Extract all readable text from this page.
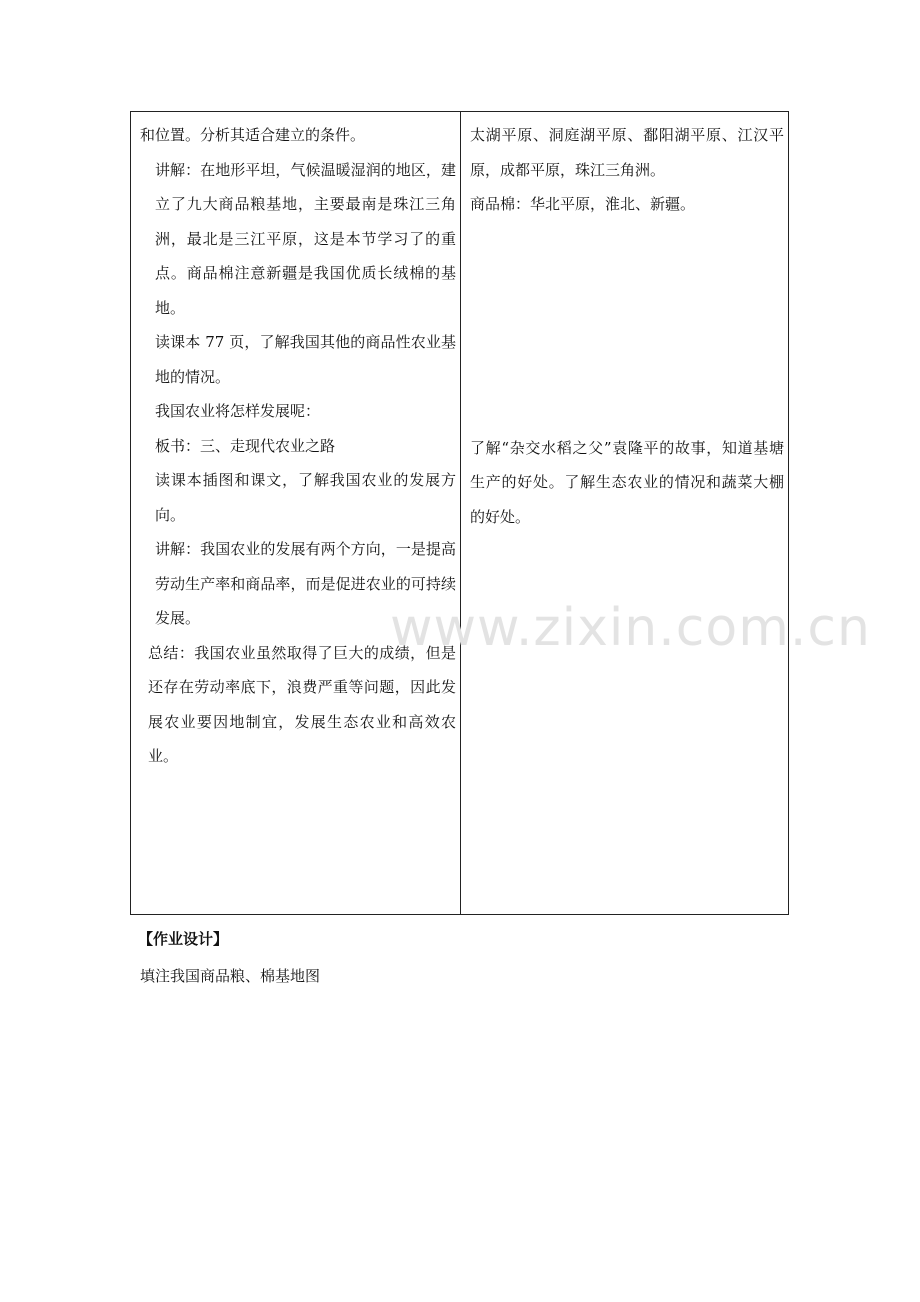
和位置。分析其适合建立的条件。

讲解：在地形平坦，气候温暖湿润的地区，建立了九大商品粮基地，主要最南是珠江三角洲，最北是三江平原，这是本节学习了的重点。商品棉注意新疆是我国优质长绒棉的基地。

读课本 77 页，了解我国其他的商品性农业基地的情况。

我国农业将怎样发展呢：

板书：三、走现代农业之路

读课本插图和课文，了解我国农业的发展方向。

讲解：我国农业的发展有两个方向，一是提高劳动生产率和商品率，而是促进农业的可持续发展。

总结：我国农业虽然取得了巨大的成绩，但是还存在劳动率底下，浪费严重等问题，因此发展农业要因地制宜，发展生态农业和高效农业。

太湖平原、洞庭湖平原、鄱阳湖平原、江汉平原，成都平原，珠江三角洲。

商品棉：华北平原，淮北、新疆。

了解“杂交水稻之父”袁隆平的故事，知道基塘生产的好处。了解生态农业的情况和蔬菜大棚的好处。

www.zixin.com.cn
【作业设计】
填注我国商品粮、棉基地图
